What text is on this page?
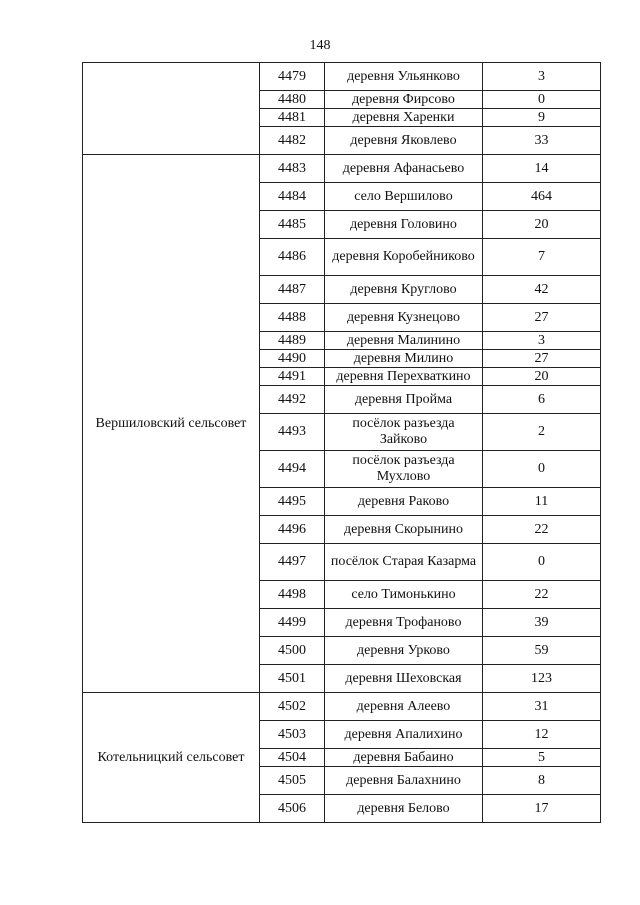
148
	4479	деревня Ульянково	3
	4480	деревня Фирсово	0
	4481	деревня Харенки	9
	4482	деревня Яковлево	33
Вершиловский сельсовет	4483	деревня Афанасьево	14
	4484	село Вершилово	464
	4485	деревня Головино	20
	4486	деревня Коробейниково	7
	4487	деревня Круглово	42
	4488	деревня Кузнецово	27
	4489	деревня Малинино	3
	4490	деревня Милино	27
	4491	деревня Перехваткино	20
	4492	деревня Пройма	6
	4493	посёлок разъезда Зайково	2
	4494	посёлок разъезда Мухлово	0
	4495	деревня Раково	11
	4496	деревня Скорынино	22
	4497	посёлок Старая Казарма	0
	4498	село Тимонькино	22
	4499	деревня Трофаново	39
	4500	деревня Урково	59
	4501	деревня Шеховская	123
Котельницкий сельсовет	4502	деревня Алеево	31
	4503	деревня Апалихино	12
	4504	деревня Бабаино	5
	4505	деревня Балахнино	8
	4506	деревня Белово	17
